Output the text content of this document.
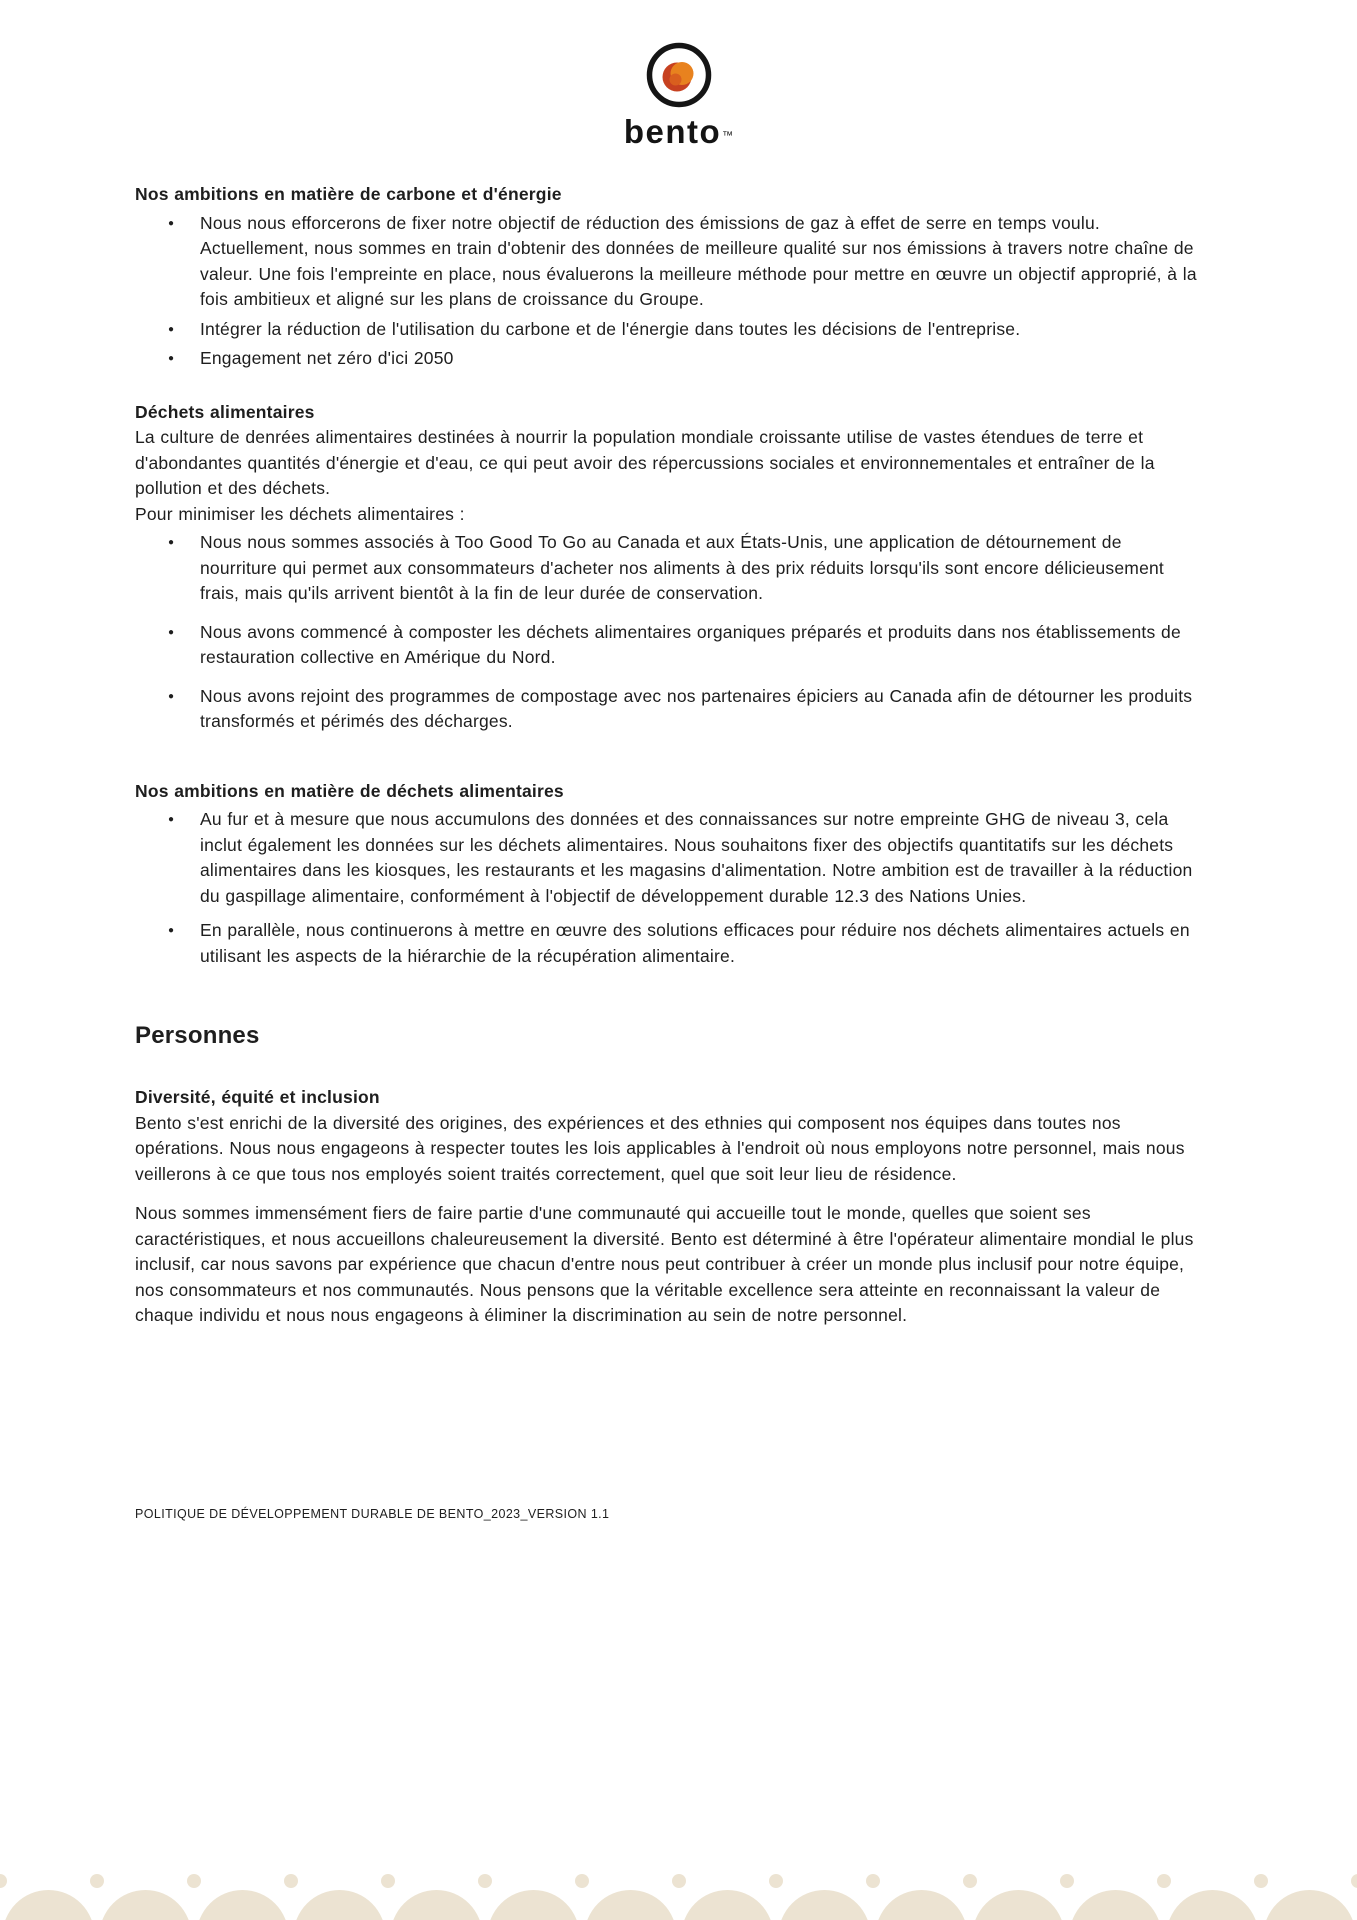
bento™
Nos ambitions en matière de carbone et d'énergie
● Nous nous efforcerons de fixer notre objectif de réduction des émissions de gaz à effet de serre en temps voulu. Actuellement, nous sommes en train d'obtenir des données de meilleure qualité sur nos émissions à travers notre chaîne de valeur. Une fois l'empreinte en place, nous évaluerons la meilleure méthode pour mettre en œuvre un objectif approprié, à la fois ambitieux et aligné sur les plans de croissance du Groupe.
● Intégrer la réduction de l'utilisation du carbone et de l'énergie dans toutes les décisions de l'entreprise.
● Engagement net zéro d'ici 2050
Déchets alimentaires

La culture de denrées alimentaires destinées à nourrir la population mondiale croissante utilise de vastes étendues de terre et d'abondantes quantités d'énergie et d'eau, ce qui peut avoir des répercussions sociales et environnementales et entraîner de la pollution et des déchets.

Pour minimiser les déchets alimentaires :

● Nous nous sommes associés à Too Good To Go au Canada et aux États-Unis, une application de détournement de nourriture qui permet aux consommateurs d'acheter nos aliments à des prix réduits lorsqu'ils sont encore délicieusement frais, mais qu'ils arrivent bientôt à la fin de leur durée de conservation.
● Nous avons commencé à composter les déchets alimentaires organiques préparés et produits dans nos établissements de restauration collective en Amérique du Nord.
● Nous avons rejoint des programmes de compostage avec nos partenaires épiciers au Canada afin de détourner les produits transformés et périmés des décharges.
Nos ambitions en matière de déchets alimentaires
● Au fur et à mesure que nous accumulons des données et des connaissances sur notre empreinte GHG de niveau 3, cela inclut également les données sur les déchets alimentaires. Nous souhaitons fixer des objectifs quantitatifs sur les déchets alimentaires dans les kiosques, les restaurants et les magasins d'alimentation. Notre ambition est de travailler à la réduction du gaspillage alimentaire, conformément à l'objectif de développement durable 12.3 des Nations Unies.
● En parallèle, nous continuerons à mettre en œuvre des solutions efficaces pour réduire nos déchets alimentaires actuels en utilisant les aspects de la hiérarchie de la récupération alimentaire.
Personnes
Diversité, équité et inclusion

Bento s'est enrichi de la diversité des origines, des expériences et des ethnies qui composent nos équipes dans toutes nos opérations. Nous nous engageons à respecter toutes les lois applicables à l'endroit où nous employons notre personnel, mais nous veillerons à ce que tous nos employés soient traités correctement, quel que soit leur lieu de résidence.

Nous sommes immensément fiers de faire partie d'une communauté qui accueille tout le monde, quelles que soient ses caractéristiques, et nous accueillons chaleureusement la diversité. Bento est déterminé à être l'opérateur alimentaire mondial le plus inclusif, car nous savons par expérience que chacun d'entre nous peut contribuer à créer un monde plus inclusif pour notre équipe, nos consommateurs et nos communautés. Nous pensons que la véritable excellence sera atteinte en reconnaissant la valeur de chaque individu et nous nous engageons à éliminer la discrimination au sein de notre personnel.

POLITIQUE DE DÉVELOPPEMENT DURABLE DE BENTO_2023_VERSION 1.1
